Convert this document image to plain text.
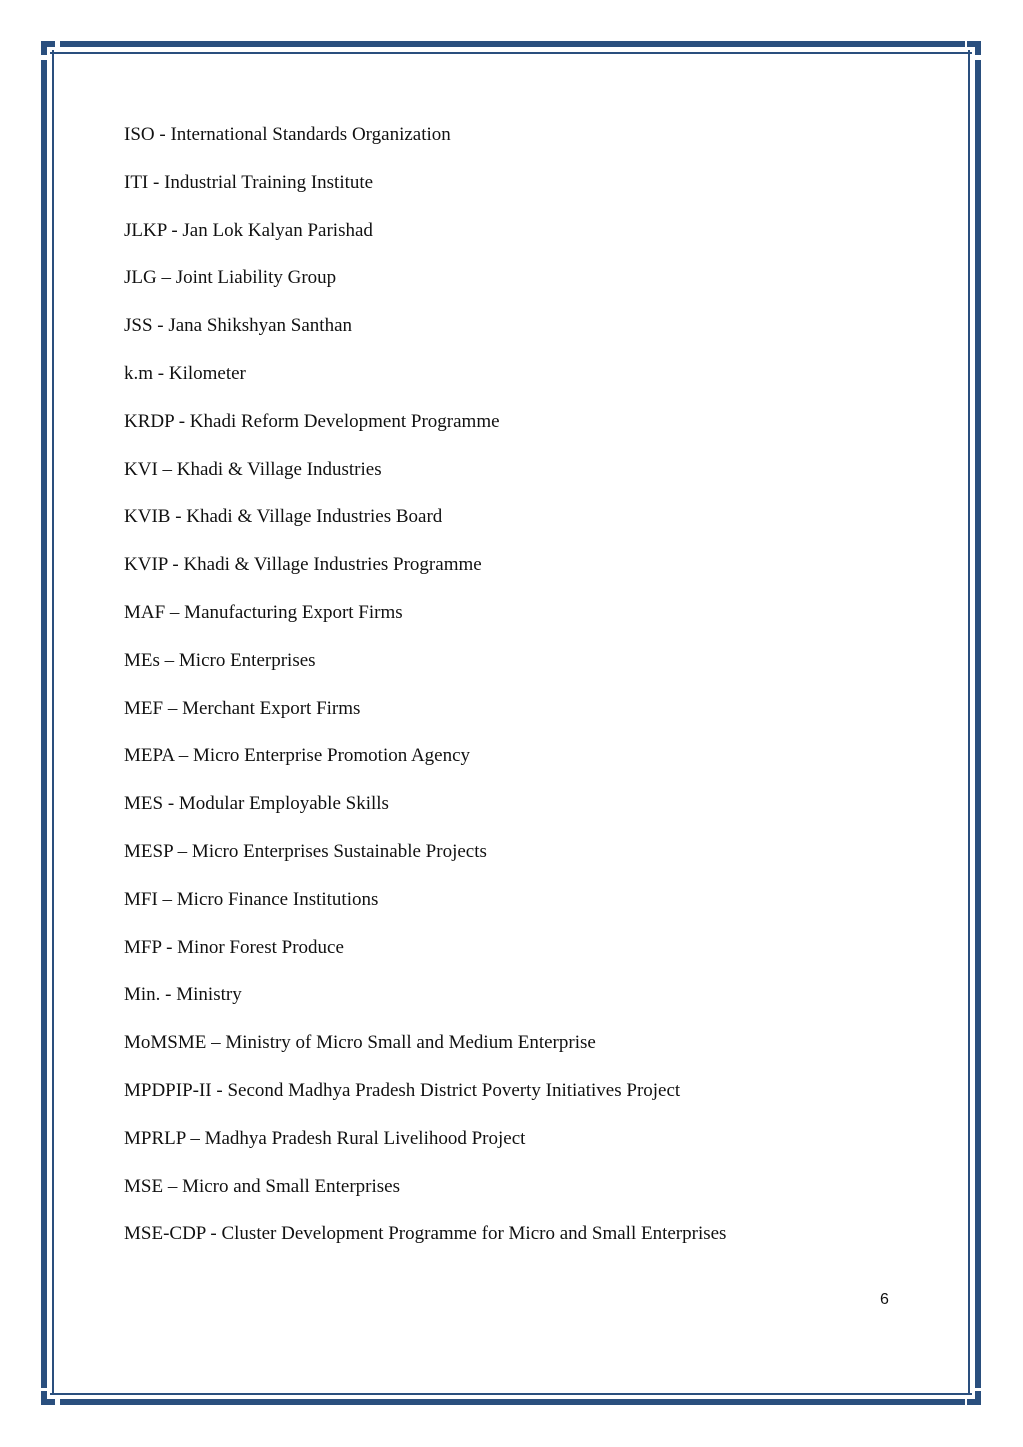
ISO - International Standards Organization
ITI - Industrial Training Institute
JLKP - Jan Lok Kalyan Parishad
JLG – Joint Liability Group
JSS - Jana Shikshyan Santhan
k.m - Kilometer
KRDP - Khadi Reform Development Programme
KVI – Khadi & Village Industries
KVIB - Khadi & Village Industries Board
KVIP - Khadi & Village Industries Programme
MAF – Manufacturing Export Firms
MEs – Micro Enterprises
MEF – Merchant Export Firms
MEPA – Micro Enterprise Promotion Agency
MES - Modular Employable Skills
MESP – Micro Enterprises Sustainable Projects
MFI – Micro Finance Institutions
MFP - Minor Forest Produce
Min. - Ministry
MoMSME – Ministry of Micro Small and Medium Enterprise
MPDPIP-II - Second Madhya Pradesh District Poverty Initiatives Project
MPRLP – Madhya Pradesh Rural Livelihood Project
MSE – Micro and Small Enterprises
MSE-CDP - Cluster Development Programme for Micro and Small Enterprises
6
